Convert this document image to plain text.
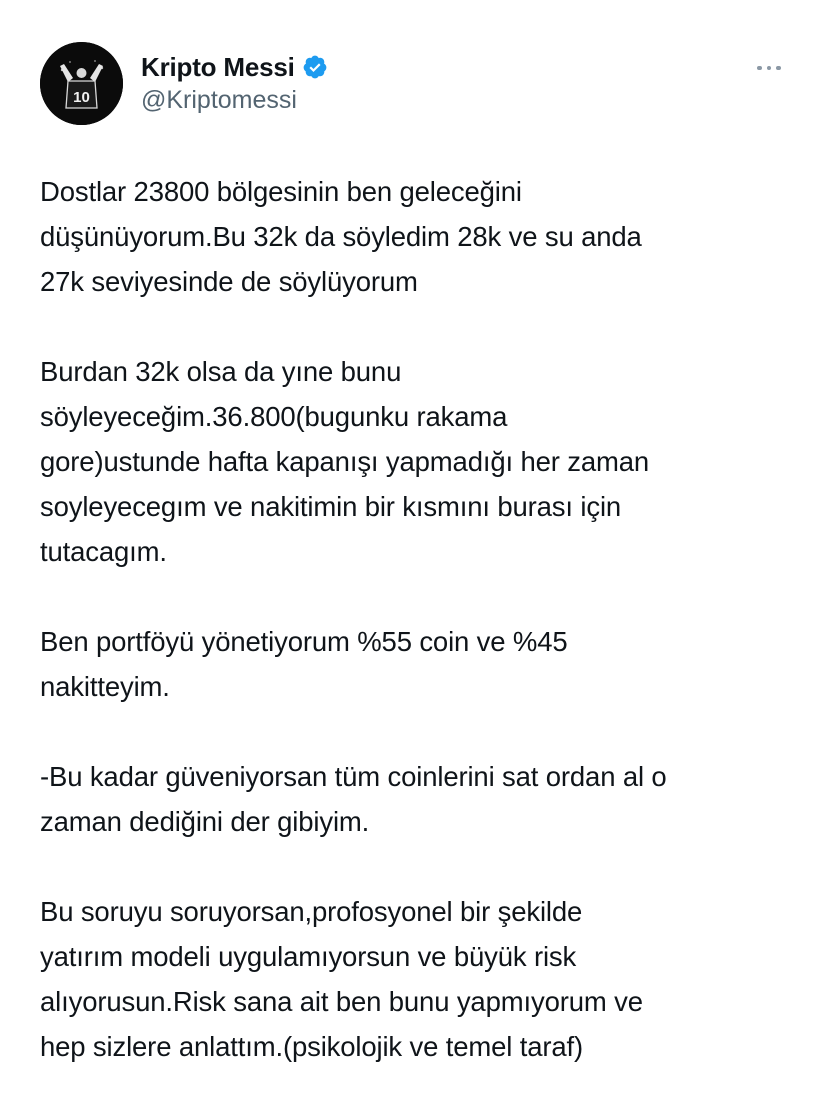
10
Kripto Messi
@Kriptomessi

Dostlar 23800 bölgesinin ben geleceğini
düşünüyorum.Bu 32k da söyledim 28k ve su anda
27k seviyesinde de söylüyorum

Burdan 32k olsa da yıne bunu
söyleyeceğim.36.800(bugunku rakama
gore)ustunde hafta kapanışı yapmadığı her zaman
soyleyecegım ve nakitimin bir kısmını burası için
tutacagım.

Ben portföyü yönetiyorum %55 coin ve %45
nakitteyim.

-Bu kadar güveniyorsan tüm coinlerini sat ordan al o
zaman dediğini der gibiyim.

Bu soruyu soruyorsan,profosyonel bir şekilde
yatırım modeli uygulamıyorsun ve büyük risk
alıyorusun.Risk sana ait ben bunu yapmıyorum ve
hep sizlere anlattım.(psikolojik ve temel taraf)
